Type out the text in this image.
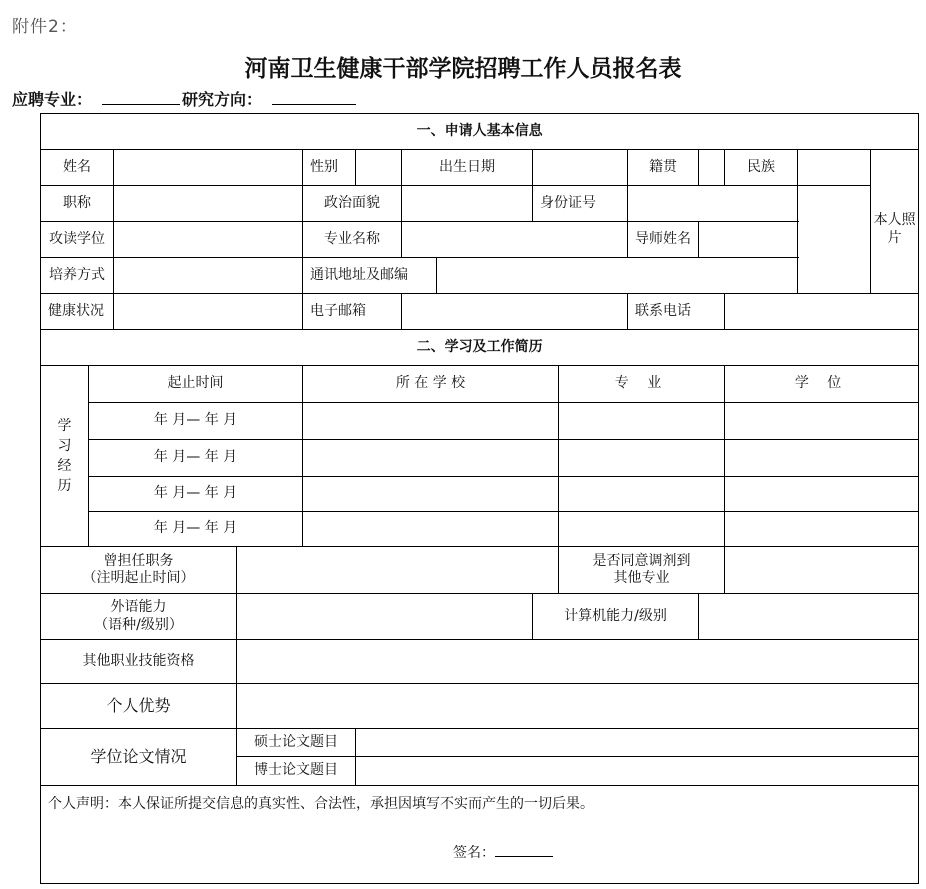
附件2：
河南卫生健康干部学院招聘工作人员报名表
应聘专业：	研究方向：
一、申请人基本信息														
姓名				性别		出生日期				籍贯		民族		本人照片
职称				政治面貌				身份证号						
攻读学位				专业名称						导师姓名				
培养方式				通讯地址及邮编										
健康状况				电子邮箱						联系电话				
二、学习及工作简历														
学习经历	起止时间			所 在 学 校					专 业			学 位		
	年 月— 年 月													
	年 月— 年 月													
	年 月— 年 月													
	年 月— 年 月													

曾担任职务
（注明起止时间）									是否同意调剂到
其他专业					

外语能力
（语种/级别）								计算机能力/级别						
其他职业技能资格														
个人优势														
学位论文情况			硕士论文题目											
			博士论文题目											

个人声明：本人保证所提交信息的真实性、合法性，承担因填写不实而产生的一切后果。
签名：														
